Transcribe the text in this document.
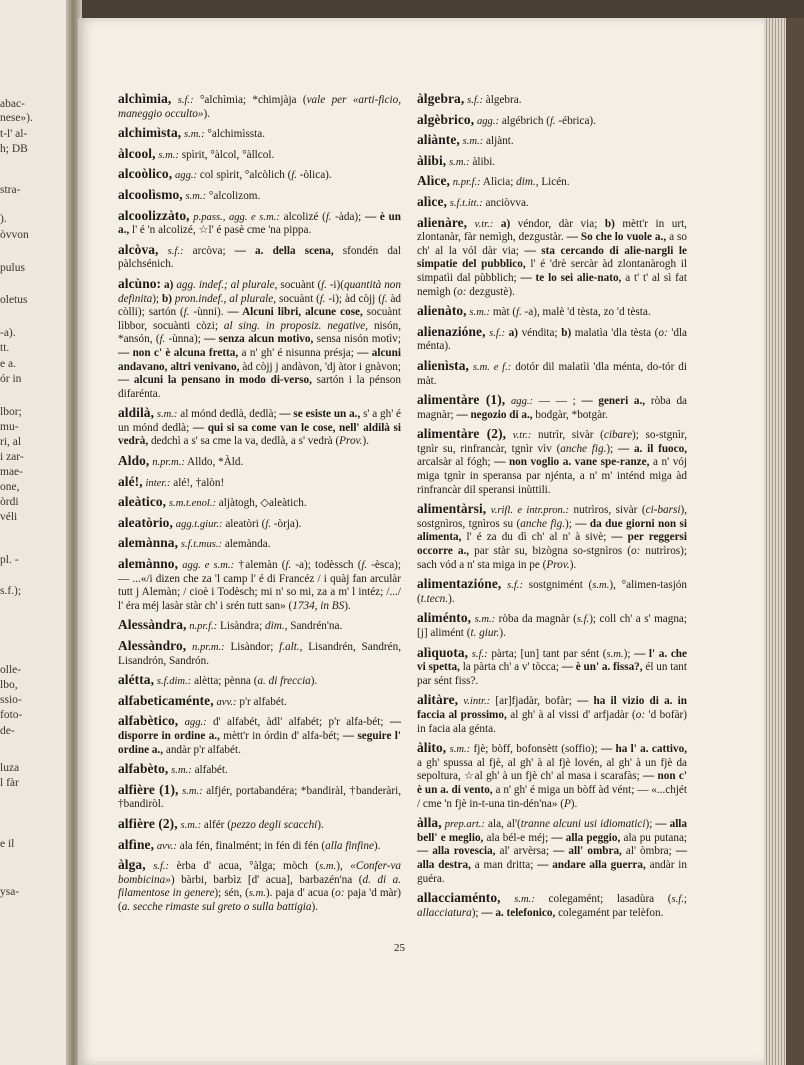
abac-
nese»).
t-l' al-
h; DB
stra-
).
òvvon
pulus
oletus
-a).
tt.
e a.
ór in
lbor;
mu-
ri, al
i zar-
mae-
one,
òrdi
véli
pl. -
s.f.);
olle-
lbo,
ssio-
foto-
de-
luza
l fàr
e il
ysa-
alchìmia, s.f.: °alchìmia; *chimjàja (vale per «arti-ficio, maneggio occulto»).
alchimìsta, s.m.: °alchimìssta.
àlcool, s.m.: spìrit, °àlcol, °àllcol.
alcoòlico, agg.: col spìrit, °alcòlich (f. -òlica).
alcoolìsmo, s.m.: °alcolizom.
alcoolizzàto, p.pass., agg. e s.m.: alcolizé (f. -àda); — è un a., l' é 'n alcolizé, ☆l' é pasè cme 'na pippa.
alcòva, s.f.: arcòva; — a. della scena, sfondén dal pàlchsénich.
alcùno: a) agg. indef.; al plurale, socuànt (f. -i)(quantità non definita); b) pron.indef., al plurale, socuànt (f. -i); àd còjj (f. àd còlli); sartón (f. -ùnni). — Alcuni libri, alcune cose, socuànt lìbbor, socuànti còzi; al sing. in proposiz. negative, nisón, *ansón, (f. -ùnna); — senza alcun motivo, sensa nisón motìv; — non c' è alcuna fretta, a n' gh' é nisunna présja; — alcuni andavano, altri venivano, àd còjj j andàvon, 'dj àtor i gnàvon; — alcuni la pensano in modo di-verso, sartón i la pénson difarénta.
aldilà, s.m.: al mónd dedlà, dedlà; — se esiste un a., s' a gh' é un mónd dedlà; — qui si sa come van le cose, nell' aldilà si vedrà, dedchì a s' sa cme la va, dedlà, a s' vedrà (Prov.).
Aldo, n.pr.m.: Alldo, *Àld.
alé!, inter.: alé!, †alòn!
aleàtico, s.m.t.enol.: aljàtogh, ◇aleàtich.
aleatòrio, agg.t.giur.: aleatòri (f. -òrja).
alemànna, s.f.t.mus.: alemànda.
alemànno, agg. e s.m.: †alemàn (f. -a); todèssch (f. -èsca); — ...«/i dizen che za 'l camp l' é di Francéz / i quàj fan arculàr tutt j Alemàn; / cioè i Todèsch; mi n' so mi, za a m' l intéz; /.../ l' éra méj lasàr stàr ch' i srén tutt san» (1734, in BS).
Alessàndra, n.pr.f.: Lisàndra; dim., Sandrén'na.
Alessàndro, n.pr.m.: Lisàndor; f.alt., Lisandrén, Sandrén, Lisandrón, Sandrón.
alétta, s.f.dim.: alètta; pènna (a. di freccia).
alfabeticaménte, avv.: p'r alfabét.
alfabètico, agg.: d' alfabét, àdl' alfabét; p'r alfa-bét; — disporre in ordine a., mètt'r in órdin d' alfa-bét; — seguire l' ordine a., andàr p'r alfabét.
alfabèto, s.m.: alfabét.
alfière (1), s.m.: alfjér, portabandéra; *bandiràl, †banderàri, †bandiròl.
alfière (2), s.m.: alfér (pezzo degli scacchi).
alfìne, avv.: ala fén, finalmént; in fén di fén (alla finfine).
àlga, s.f.: èrba d' acua, °àlga; mòch (s.m.), «Confer-va bombicina») bàrbi, barbìz [d' acua], barbazén'na (d. di a. filamentose in genere); sén, (s.m.). paja d' acua (o: paja 'd màr)(a. secche rimaste sul greto o sulla battigia).
àlgebra, s.f.: àlgebra.
algèbrico, agg.: algébrich (f. -ébrica).
aliànte, s.m.: aljànt.
àlibi, s.m.: àlibi.
Alìce, n.pr.f.: Alìcia; dim., Licén.
alìce, s.f.t.itt.: anciòvva.
alienàre, v.tr.: a) véndor, dàr via; b) mètt'r in urt, zlontanàr, fàr nemìgh, dezgustàr. — So che lo vuole a., a so ch' al la vól dàr via; — sta cercando di alie-nargli le simpatie del pubblico, l' é 'drè sercàr àd zlontanàrogh il simpatìi dal pùbblich; — te lo sei alie-nato, a t' t' al sì fat nemìgh (o: dezgustè).
alienàto, s.m.: màt (f. -a), malè 'd tèsta, zo 'd tèsta.
alienazióne, s.f.: a) véndita; b) malatìa 'dla tèsta (o: 'dla ménta).
alienìsta, s.m. e f.: dotór dil malatìi 'dla ménta, do-tór di màt.
alimentàre (1), agg.: — — ; — generi a., ròba da magnàr; — negozio di a., bodgàr, *botgàr.
alimentàre (2), v.tr.: nutrìr, sivàr (cibare); so-stgnìr, tgnìr su, rinfrancàr, tgnìr vìv (anche fig.); — a. il fuoco, arcalsàr al fógh; — non voglio a. vane spe-ranze, a n' vój miga tgnìr in speransa par njénta, a n' m' inténd miga àd rinfrancàr dil speransi inùttili.
alimentàrsi, v.rifl. e intr.pron.: nutrìros, sivàr (ci-barsi), sostgnìros, tgnìros su (anche fig.); — da due giorni non si alimenta, l' é za du dì ch' al n' à sivè; — per reggersi occorre a., par stàr su, bizògna so-stgnìros (o: nutrìros); sach vód a n' sta miga in pe (Prov.).
alimentazióne, s.f.: sostgnimént (s.m.), °alimen-tasjón (t.tecn.).
aliménto, s.m.: ròba da magnàr (s.f.); coll ch' a s' magna; [j] alimént (t. giur.).
alìquota, s.f.: pàrta; [un] tant par sént (s.m.); — l' a. che vi spetta, la pàrta ch' a v' tòcca; — è un' a. fissa?, él un tant par sént fiss?.
alitàre, v.intr.: [ar]fjadàr, bofàr; — ha il vizio di a. in faccia al prossimo, al gh' à al vissi d' arfjadàr (o: 'd bofàr) in facia ala génta.
àlito, s.m.: fjè; bòff, bofonsètt (soffio); — ha l' a. cattivo, a gh' spussa al fjè, al gh' à al fjè lovén, al gh' à un fjè da sepoltura, ☆al gh' à un fjè ch' al masa i scarafàs; — non c' è un a. di vento, a n' gh' é miga un bòff àd vént; — «...chjét / cme 'n fjè in-t-una tin-dén'na» (P).
àlla, prep.art.: ala, al'(tranne alcuni usi idiomatici); — alla bell' e meglio, ala bél-e méj; — alla peggio, ala pu putana; — alla rovescia, al' arvèrsa; — all' ombra, al' òmbra; — alla destra, a man dritta; — andare alla guerra, andàr in guéra.
allacciaménto, s.m.: colegamént; lasadùra (s.f.; allacciatura); — a. telefonico, colegamént par telèfon.
25
